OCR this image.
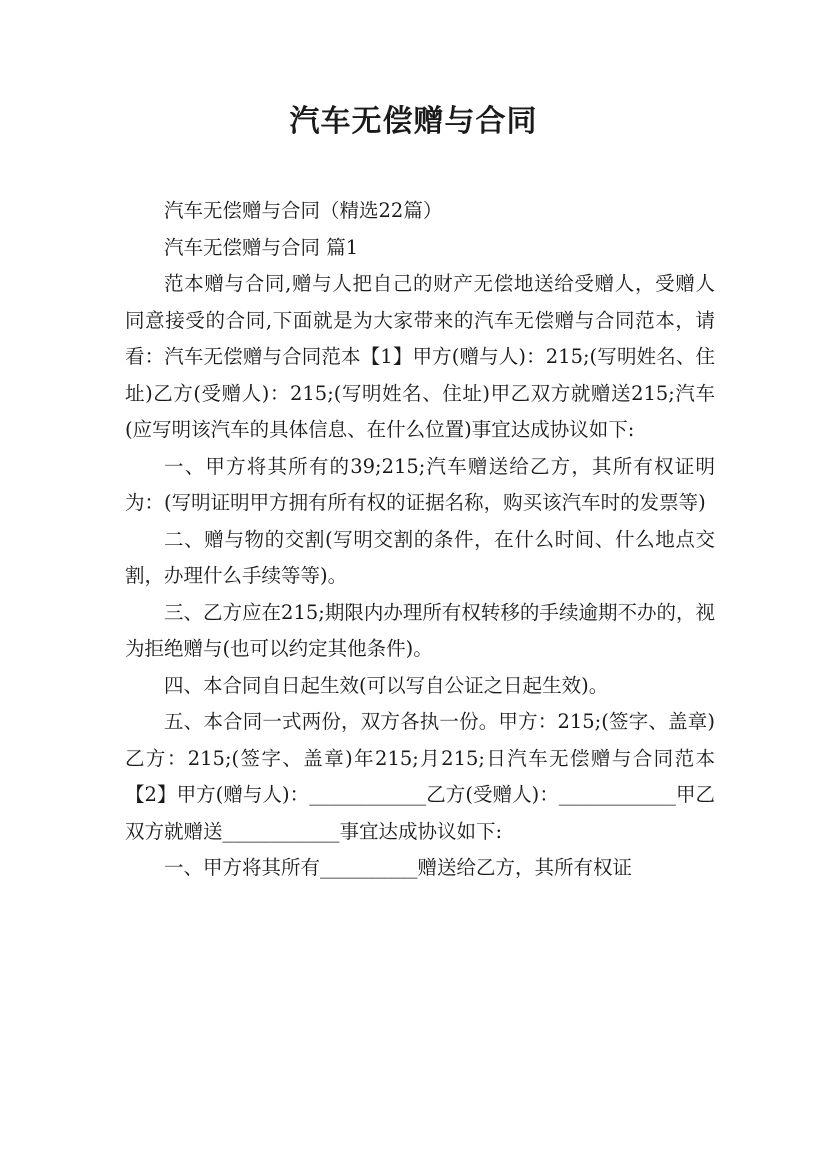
汽车无偿赠与合同

汽车无偿赠与合同（精选22篇）

汽车无偿赠与合同 篇1

范本赠与合同,赠与人把自己的财产无偿地送给受赠人，受赠人同意接受的合同,下面就是为大家带来的汽车无偿赠与合同范本，请看：汽车无偿赠与合同范本【1】甲方(赠与人)：215;(写明姓名、住址)乙方(受赠人)：215;(写明姓名、住址)甲乙双方就赠送215;汽车(应写明该汽车的具体信息、在什么位置)事宜达成协议如下:

一、甲方将其所有的39;215;汽车赠送给乙方，其所有权证明为：(写明证明甲方拥有所有权的证据名称，购买该汽车时的发票等)

二、赠与物的交割(写明交割的条件，在什么时间、什么地点交割，办理什么手续等等)。

三、乙方应在215;期限内办理所有权转移的手续逾期不办的，视为拒绝赠与(也可以约定其他条件)。

四、本合同自日起生效(可以写自公证之日起生效)。

五、本合同一式两份，双方各执一份。甲方：215;(签字、盖章) 乙方：215;(签字、盖章)年215;月215;日汽车无偿赠与合同范本【2】甲方(赠与人)：____________乙方(受赠人)：____________甲乙双方就赠送____________事宜达成协议如下:

一、甲方将其所有__________赠送给乙方，其所有权证
